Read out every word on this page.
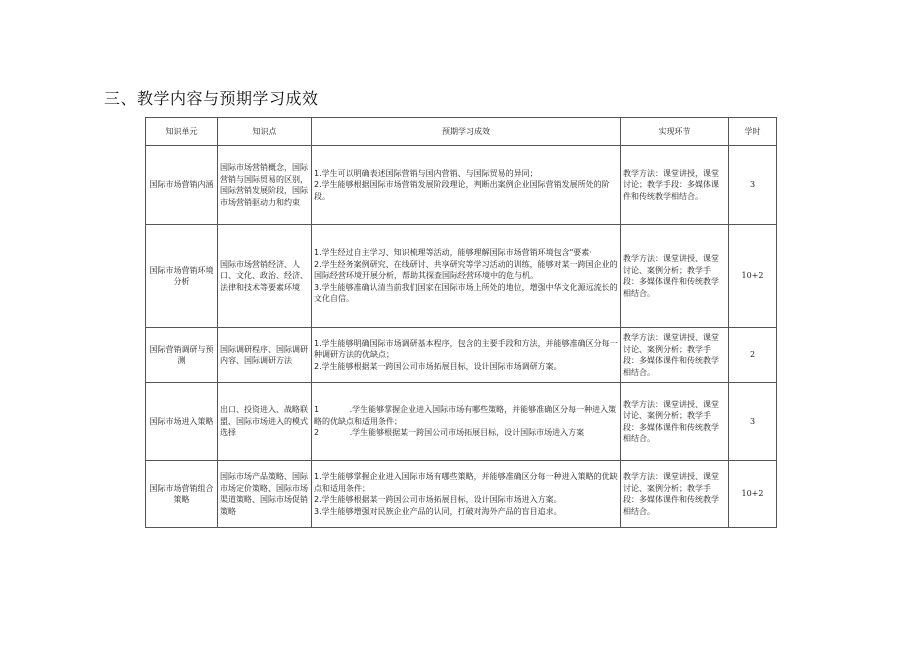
三、教学内容与预期学习成效
知识单元	知识点	预期学习成效	实现环节	学时
国际市场营销内涵	国际市场营销概念，国际营销与国际贸易的区别，国际营销发展阶段，国际市场营销驱动力和约束	1.学生可以明确表述国际营销与国内营销、与国际贸易的异同；
2.学生能够根据国际市场营销发展阶段理论，判断出案例企业国际营销发展所处的阶段。	教学方法：课堂讲授，课堂讨论；教学手段：多媒体课件和传统教学相结合。	3
国际市场营销环境分析	国际市场营销经济、人口、文化、政治、经济、法律和技术等要素环境	1.学生经过自主学习、知识梳理等活动，能够理解国际市场营销环境包含"要素·
2.学生经务案例研究、在线研讨、共享研究等学习活动的训练，能够对某一跨国企业的国际经营环境开展分析，帮助其探查国际经营环境中的危与机。
3.学生能够准确认清当前我们国家在国际市场上所处的地位，增强中华文化源远流长的文化自信。	教学方法：课堂讲授、课堂讨论、案例分析；教学手段：多媒体课件和传统教学相结合。	10+2
国际营销调研与预测	国际调研程序、国际调研内容、国际调研方法	1.学生能够明确国际市场调研基本程序，包含的主要手段和方法，并能够准确区分每一种调研方法的优缺点；
2.学生能够根据某一跨国公司市场拓展目标，设计国际市场调研方案。	教学方法：课堂讲授、课堂讨论、案例分析；教学手段：多媒体课件和传统教学相结合。	2
国际市场进入策略	出口、投资进入、战略联盟、国际市场进入的模式选择	1            .学生能够掌握企业进入国际市场有哪些策略，并能够准确区分每一种进入策略的优缺点和适用条件；
2            .学生能够根据某一跨国公司市场拓展目标，设计国际市场进入方案	教学方法：课堂讲授、课堂讨论、案例分析；教学手段：多媒体课件和传统教学相结合。	3
国际市场营销组合策略	国际市场产品策略、国际市场定价策略、国际市场渠道策略、国际市场促销策略	1.学生能够掌握企业进入国际市场有哪些策略，并能够准确区分每一种进入策略的优缺点和适用条件；
2.学生能够根据某一跨国公司市场拓展目标，设计国际市场进入方案。
3.学生能够增强对民族企业产品的认同，打破对海外产品的盲目追求。	教学方法：课堂讲授、课堂讨论、案例分析；教学手段：多媒体课件和传统教学相结合。	10+2
